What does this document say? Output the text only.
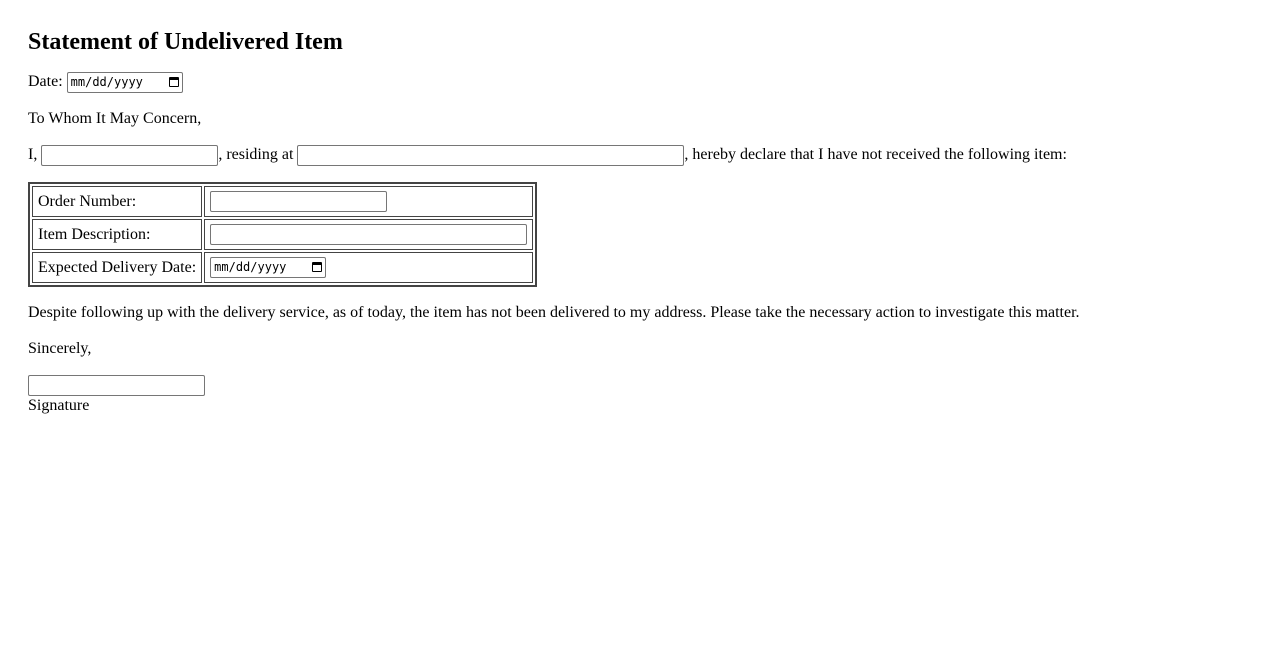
Statement of Undelivered Item

Date: mm/dd/yyyy

To Whom It May Concern,

I,	, residing at	, hereby declare that I have not received the following item:

Order Number:	
Item Description:	
Expected Delivery Date:	mm/dd/yyyy

Despite following up with the delivery service, as of today, the item has not been delivered to my address. Please take the necessary action to investigate this matter.

Sincerely,

Signature
